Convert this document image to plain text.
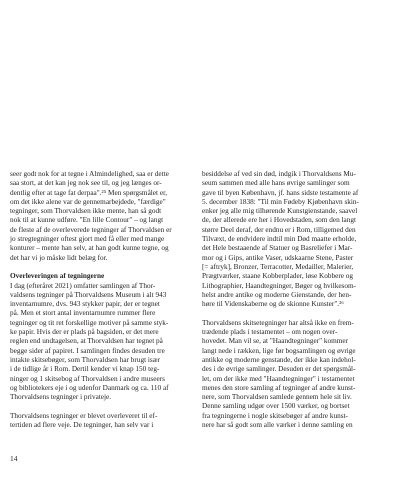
seer godt nok for at tegne i Almindelighed, saa er dette
saa stort, at det kan jeg nok see til, og jeg længes or-
dentlig efter at tage fat derpaa".²⁵ Men spørgsmålet er,
om det ikke alene var de gennemarbejdede, "færdige"
tegninger, som Thorvaldsen ikke mente, han så godt
nok til at kunne udføre. "En lille Contour" – og langt
de fleste af de overleverede tegninger af Thorvaldsen er
jo stregtegninger oftest gjort med få eller med mange
konturer – mente han selv, at han godt kunne tegne, og
det har vi jo måske lidt belæg for.
Overleveringen af tegningerne
I dag (efteråret 2021) omfatter samlingen af Thor-
valdsens tegninger på Thorvaldsens Museum i alt 943
inventarnumre, dvs. 943 stykker papir, der er tegnet
på. Men et stort antal inventarnumre rummer flere
tegninger og tit ret forskellige motiver på samme styk-
ke papir. Hvis der er plads på bagsiden, er det mere
reglen end undtagelsen, at Thorvaldsen har tegnet på
begge sider af papiret. I samlingen findes desuden tre
intakte skitsebøger, som Thorvaldsen har brugt især
i de tidlige år i Rom. Dertil kender vi knap 150 teg-
ninger og 1 skitsebog af Thorvaldsen i andre museers
og bibliotekers eje i og udenfor Danmark og ca. 110 af
Thorvaldsens tegninger i privateje.
Thorvaldsens tegninger er blevet overleveret til ef-
tertiden ad flere veje. De tegninger, han selv var i
besiddelse af ved sin død, indgik i Thorvaldsens Mu-
seum sammen med alle hans øvrige samlinger som
gave til byen København, jf. hans sidste testamente af
5. december 1838: "Til min Fødeby Kjøbenhavn skin-
enker jeg alle mig tilhørende Kunstgienstande, saavel
de, der allerede ere her i Hovedstaden, som den langt
større Deel deraf, der endnu er i Rom, tilligemed den
Tilvæxt, de endvidere indtil min Død maatte erholde,
det Hele bestaaende af Statuer og Basreliefer i Mar-
mor og i Gips, antike Vaser, udskaarne Stene, Paster
[= aftryk], Bronzer, Terracotter, Medailler, Malerier,
Prægtværker, staane Kobberplader, løse Kobbere og
Lithographier, Haandtegninger, Bøger og hvilkesom-
helst andre antike og moderne Gienstande, der hen-
høre til Videnskaberne og de skionne Kunster".²⁶
Thorvaldsens skitsetegninger har altså ikke en frem-
trædende plads i testamentet – om nogen over-
hovedet. Man vil se, at "Haandtegninger" kommer
langt nede i rækken, lige før bogsamlingen og øvrige
antikke og moderne genstande, der ikke kan indehol-
des i de øvrige samlinger. Desuden er det spørgsmål-
let, om der ikke med "Haandtegninger" i testamentet
menes den store samling af tegninger af andre kunst-
nere, som Thorvaldsen samlede gennem hele sit liv.
Denne samling udgør over 1500 værker, og bortset
fra tegningerne i nogle skitsebøger af andre kunst-
nere har så godt som alle værker i denne samling en
14
